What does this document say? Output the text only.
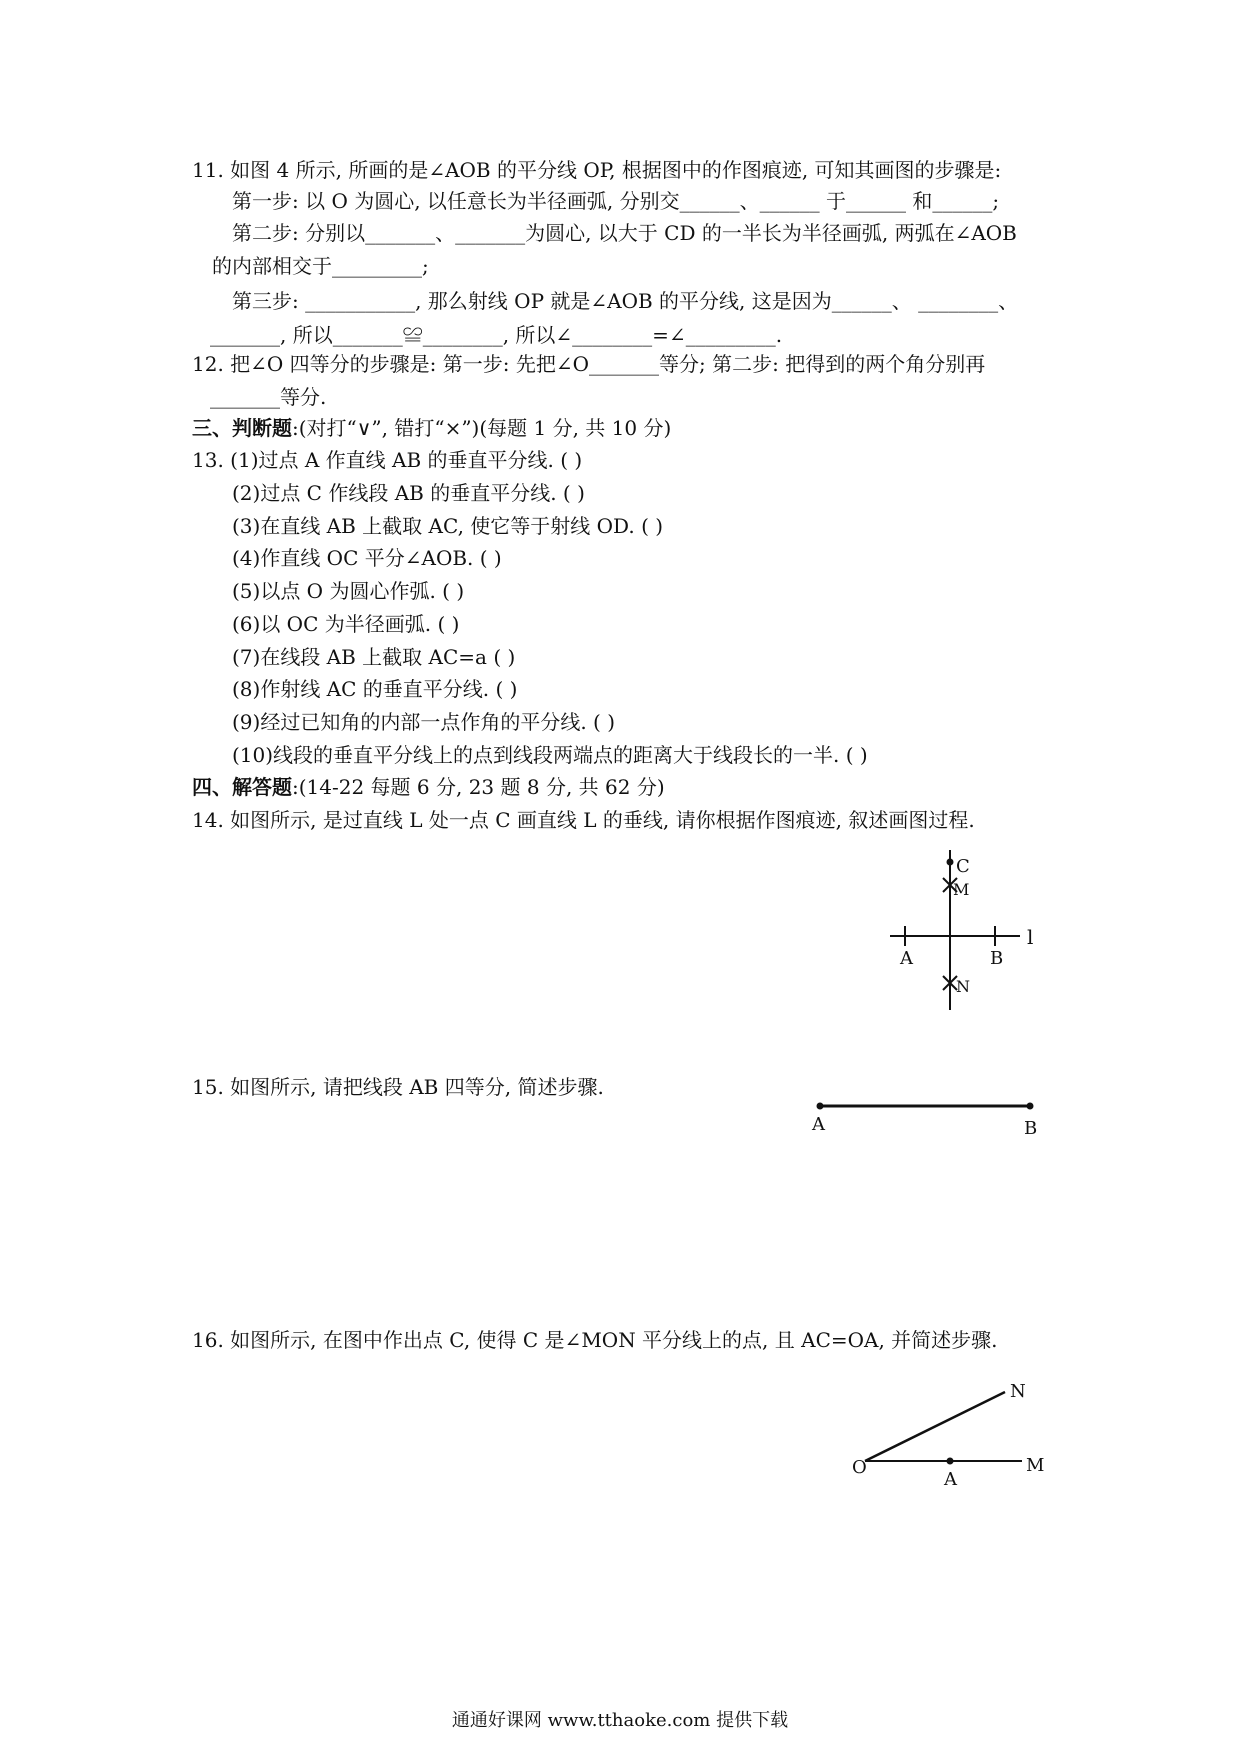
11. 如图 4 所示, 所画的是∠AOB 的平分线 OP, 根据图中的作图痕迹, 可知其画图的步骤是:
第一步: 以 O 为圆心, 以任意长为半径画弧, 分别交______、______ 于______ 和______;
第二步: 分别以_______、_______为圆心, 以大于 CD 的一半长为半径画弧, 两弧在∠AOB
的内部相交于_________;
第三步: ___________, 那么射线 OP 就是∠AOB 的平分线, 这是因为______、 ________、
_______, 所以_______≌________, 所以∠________=∠_________.
12. 把∠O 四等分的步骤是: 第一步: 先把∠O_______等分; 第二步: 把得到的两个角分别再
_______等分.
三、判断题:(对打“∨”, 错打“×”)(每题 1 分, 共 10 分)
13. (1)过点 A 作直线 AB 的垂直平分线. ( )
(2)过点 C 作线段 AB 的垂直平分线. ( )
(3)在直线 AB 上截取 AC, 使它等于射线 OD. ( )
(4)作直线 OC 平分∠AOB. ( )
(5)以点 O 为圆心作弧. ( )
(6)以 OC 为半径画弧. ( )
(7)在线段 AB 上截取 AC=a ( )
(8)作射线 AC 的垂直平分线. ( )
(9)经过已知角的内部一点作角的平分线. ( )
(10)线段的垂直平分线上的点到线段两端点的距离大于线段长的一半. ( )
四、解答题:(14-22 每题 6 分, 23 题 8 分, 共 62 分)
14. 如图所示, 是过直线 L 处一点 C 画直线 L 的垂线, 请你根据作图痕迹, 叙述画图过程.
C
M
l
A	B
N
15. 如图所示, 请把线段 AB 四等分, 简述步骤.
A	B
16. 如图所示, 在图中作出点 C, 使得 C 是∠MON 平分线上的点, 且 AC=OA, 并简述步骤.
N
O
A
M
通通好课网 www.tthaoke.com 提供下载
